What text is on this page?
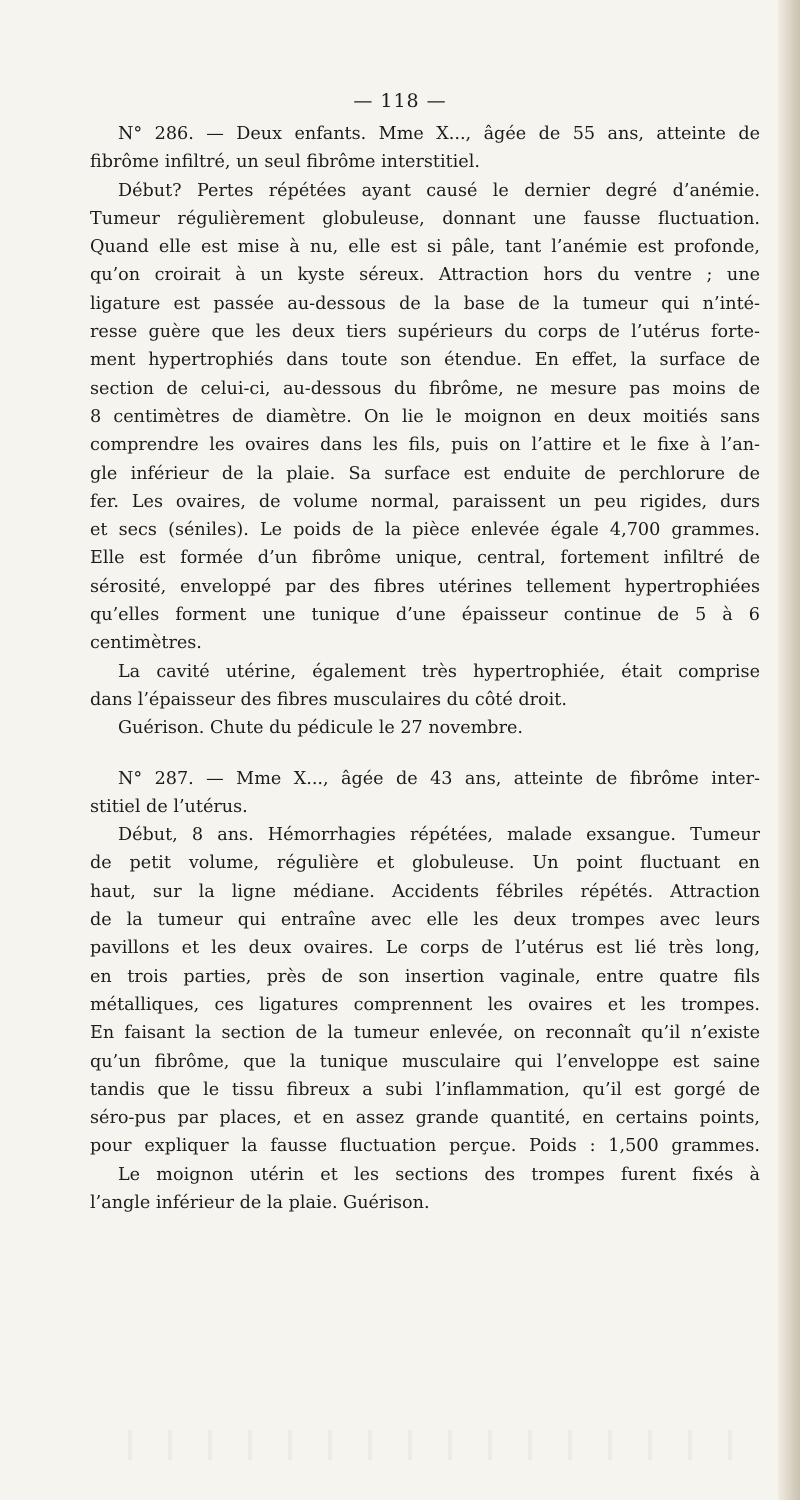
— 118 —
N° 286. — Deux enfants. Mme X..., âgée de 55 ans, atteinte de
fibrôme infiltré, un seul fibrôme interstitiel.
Début? Pertes répétées ayant causé le dernier degré d’anémie.
Tumeur régulièrement globuleuse, donnant une fausse fluctuation.
Quand elle est mise à nu, elle est si pâle, tant l’anémie est profonde,
qu’on croirait à un kyste séreux. Attraction hors du ventre ; une
ligature est passée au-dessous de la base de la tumeur qui n’inté-
resse guère que les deux tiers supérieurs du corps de l’utérus forte-
ment hypertrophiés dans toute son étendue. En effet, la surface de
section de celui-ci, au-dessous du fibrôme, ne mesure pas moins de
8 centimètres de diamètre. On lie le moignon en deux moitiés sans
comprendre les ovaires dans les fils, puis on l’attire et le fixe à l’an-
gle inférieur de la plaie. Sa surface est enduite de perchlorure de
fer. Les ovaires, de volume normal, paraissent un peu rigides, durs
et secs (séniles). Le poids de la pièce enlevée égale 4,700 grammes.
Elle est formée d’un fibrôme unique, central, fortement infiltré de
sérosité, enveloppé par des fibres utérines tellement hypertrophiées
qu’elles forment une tunique d’une épaisseur continue de 5 à 6
centimètres.
La cavité utérine, également très hypertrophiée, était comprise
dans l’épaisseur des fibres musculaires du côté droit.
Guérison. Chute du pédicule le 27 novembre.
N° 287. — Mme X..., âgée de 43 ans, atteinte de fibrôme inter-
stitiel de l’utérus.
Début, 8 ans. Hémorrhagies répétées, malade exsangue. Tumeur
de petit volume, régulière et globuleuse. Un point fluctuant en
haut, sur la ligne médiane. Accidents fébriles répétés. Attraction
de la tumeur qui entraîne avec elle les deux trompes avec leurs
pavillons et les deux ovaires. Le corps de l’utérus est lié très long,
en trois parties, près de son insertion vaginale, entre quatre fils
métalliques, ces ligatures comprennent les ovaires et les trompes.
En faisant la section de la tumeur enlevée, on reconnaît qu’il n’existe
qu’un fibrôme, que la tunique musculaire qui l’enveloppe est saine
tandis que le tissu fibreux a subi l’inflammation, qu’il est gorgé de
séro-pus par places, et en assez grande quantité, en certains points,
pour expliquer la fausse fluctuation perçue. Poids : 1,500 grammes.
Le moignon utérin et les sections des trompes furent fixés à
l’angle inférieur de la plaie. Guérison.
